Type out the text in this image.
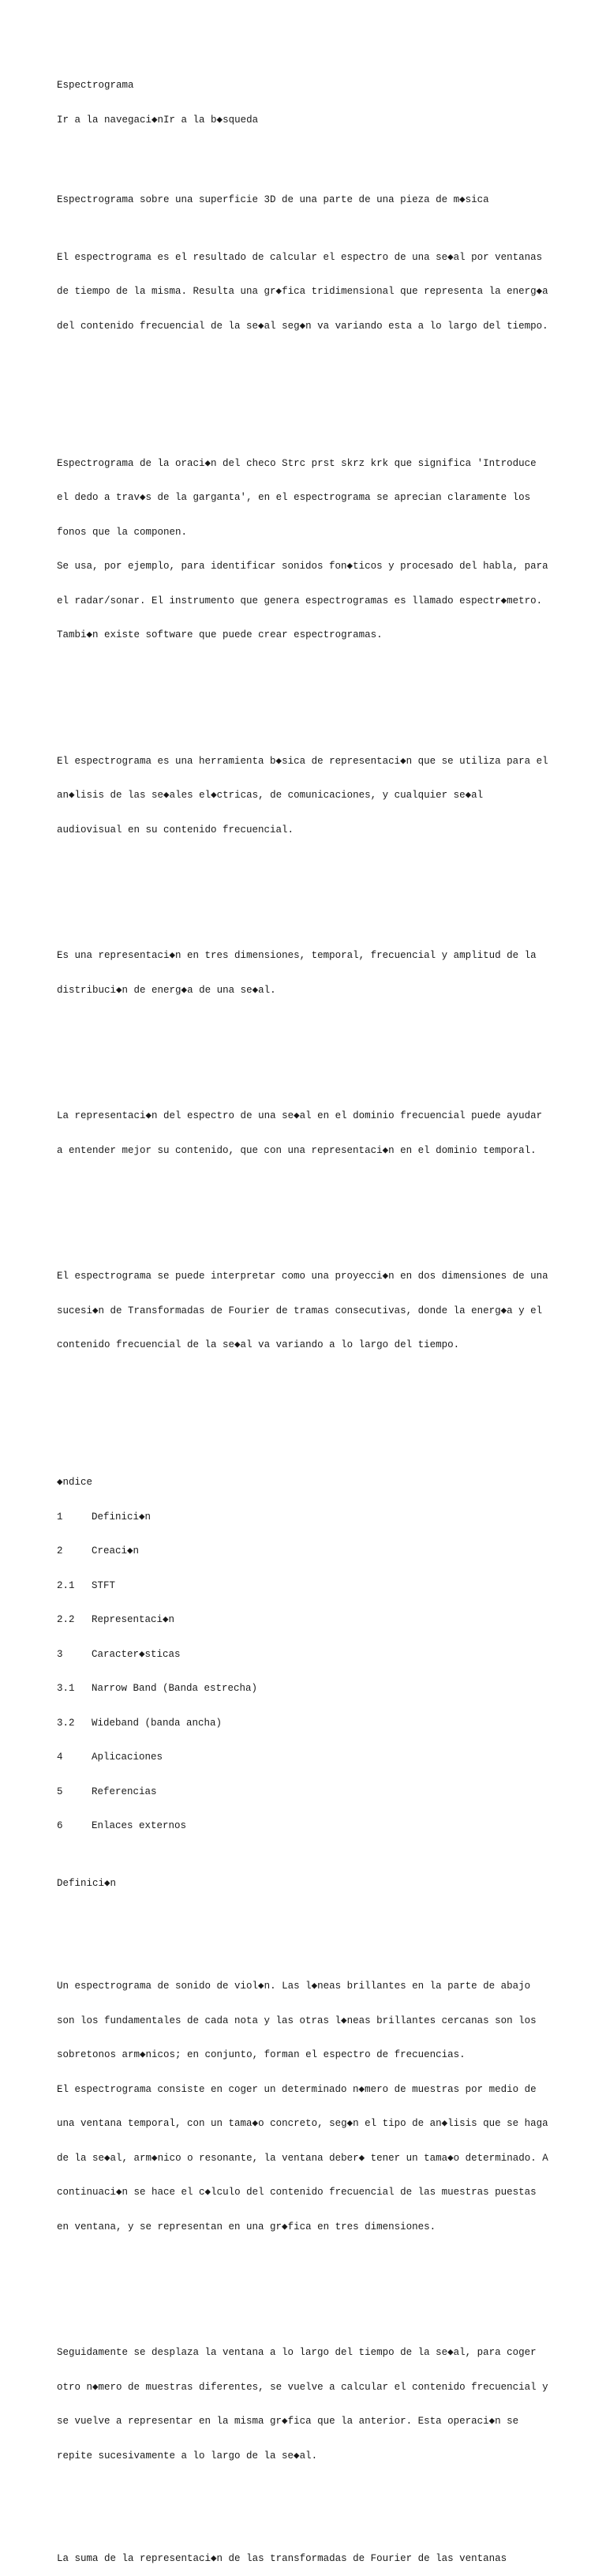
Espectrograma

Ir a la navegaci◆nIr a la b◆squeda

Espectrograma sobre una superficie 3D de una parte de una pieza de m◆sica

El espectrograma es el resultado de calcular el espectro de una se◆al por ventanas

de tiempo de la misma. Resulta una gr◆fica tridimensional que representa la energ◆a

del contenido frecuencial de la se◆al seg◆n va variando esta a lo largo del tiempo.

Espectrograma de la oraci◆n del checo Strc prst skrz krk que significa 'Introduce

el dedo a trav◆s de la garganta', en el espectrograma se aprecian claramente los

fonos que la componen.

Se usa, por ejemplo, para identificar sonidos fon◆ticos y procesado del habla, para

el radar/sonar. El instrumento que genera espectrogramas es llamado espectr◆metro.

Tambi◆n existe software que puede crear espectrogramas.

El espectrograma es una herramienta b◆sica de representaci◆n que se utiliza para el

an◆lisis de las se◆ales el◆ctricas, de comunicaciones, y cualquier se◆al

audiovisual en su contenido frecuencial.

Es una representaci◆n en tres dimensiones, temporal, frecuencial y amplitud de la

distribuci◆n de energ◆a de una se◆al.

La representaci◆n del espectro de una se◆al en el dominio frecuencial puede ayudar

a entender mejor su contenido, que con una representaci◆n en el dominio temporal.

El espectrograma se puede interpretar como una proyecci◆n en dos dimensiones de una

sucesi◆n de Transformadas de Fourier de tramas consecutivas, donde la energ◆a y el

contenido frecuencial de la se◆al va variando a lo largo del tiempo.

◆ndice

1	Definici◆n

2	Creaci◆n

2.1 STFT

2.2 Representaci◆n

3	Caracter◆sticas

3.1 Narrow Band (Banda estrecha)

3.2 Wideband (banda ancha)

4	Aplicaciones

5	Referencias

6	Enlaces externos

Definici◆n

Un espectrograma de sonido de viol◆n. Las l◆neas brillantes en la parte de abajo

son los fundamentales de cada nota y las otras l◆neas brillantes cercanas son los

sobretonos arm◆nicos; en conjunto, forman el espectro de frecuencias.

El espectrograma consiste en coger un determinado n◆mero de muestras por medio de

una ventana temporal, con un tama◆o concreto, seg◆n el tipo de an◆lisis que se haga

de la se◆al, arm◆nico o resonante, la ventana deber◆ tener un tama◆o determinado. A

continuaci◆n se hace el c◆lculo del contenido frecuencial de las muestras puestas

en ventana, y se representan en una gr◆fica en tres dimensiones.

Seguidamente se desplaza la ventana a lo largo del tiempo de la se◆al, para coger

otro n◆mero de muestras diferentes, se vuelve a calcular el contenido frecuencial y

se vuelve a representar en la misma gr◆fica que la anterior. Esta operaci◆n se

repite sucesivamente a lo largo de la se◆al.

La suma de la representaci◆n de las transformadas de Fourier de las ventanas
